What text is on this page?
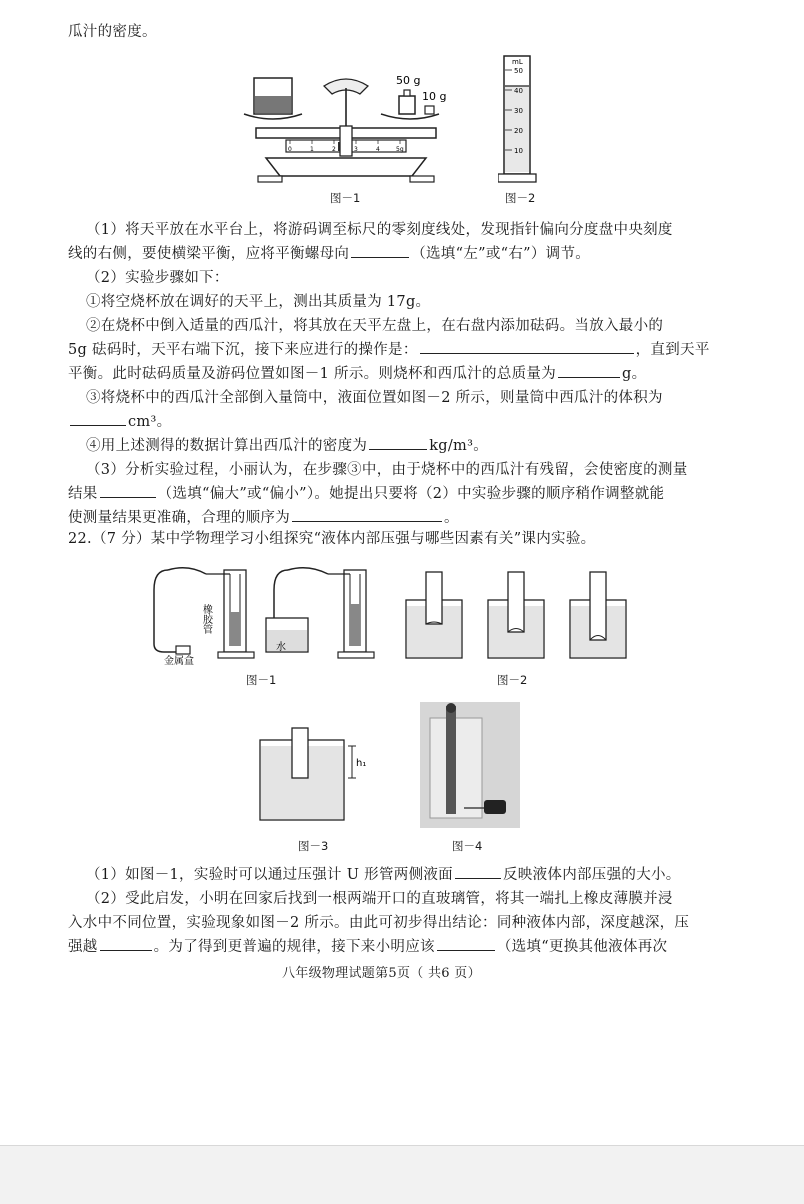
瓜汁的密度。
0	1	2	3	4	5g
50 g
10 g
mL
50
40
30
20
10
图－1	图－2
（1）将天平放在水平台上，将游码调至标尺的零刻度线处，发现指针偏向分度盘中央刻度
线的右侧，要使横梁平衡，应将平衡螺母向	（选填“左”或“右”）调节。
（2）实验步骤如下：
①将空烧杯放在调好的天平上，测出其质量为 17g。
②在烧杯中倒入适量的西瓜汁，将其放在天平左盘上，在右盘内添加砝码。当放入最小的
5g 砝码时，天平右端下沉，接下来应进行的操作是：	，直到天平
平衡。此时砝码质量及游码位置如图－1 所示。则烧杯和西瓜汁的总质量为	g。
③将烧杯中的西瓜汁全部倒入量筒中，液面位置如图－2 所示，则量筒中西瓜汁的体积为
cm³。
④用上述测得的数据计算出西瓜汁的密度为	kg/m³。
（3）分析实验过程，小丽认为，在步骤③中，由于烧杯中的西瓜汁有残留，会使密度的测量
结果	（选填“偏大”或“偏小”）。她提出只要将（2）中实验步骤的顺序稍作调整就能
使测量结果更准确，合理的顺序为	。
22.（7 分）某中学物理学习小组探究“液体内部压强与哪些因素有关”课内实验。
橡胶管
金属盒
水
图－1	图－2
h₁
图－3	图－4
（1）如图－1，实验时可以通过压强计 U 形管两侧液面	反映液体内部压强的大小。
（2）受此启发，小明在回家后找到一根两端开口的直玻璃管，将其一端扎上橡皮薄膜并浸
入水中不同位置，实验现象如图－2 所示。由此可初步得出结论：同种液体内部，深度越深，压
强越	。为了得到更普遍的规律，接下来小明应该	（选填“更换其他液体再次
八年级物理试题第5页（ 共6 页）
